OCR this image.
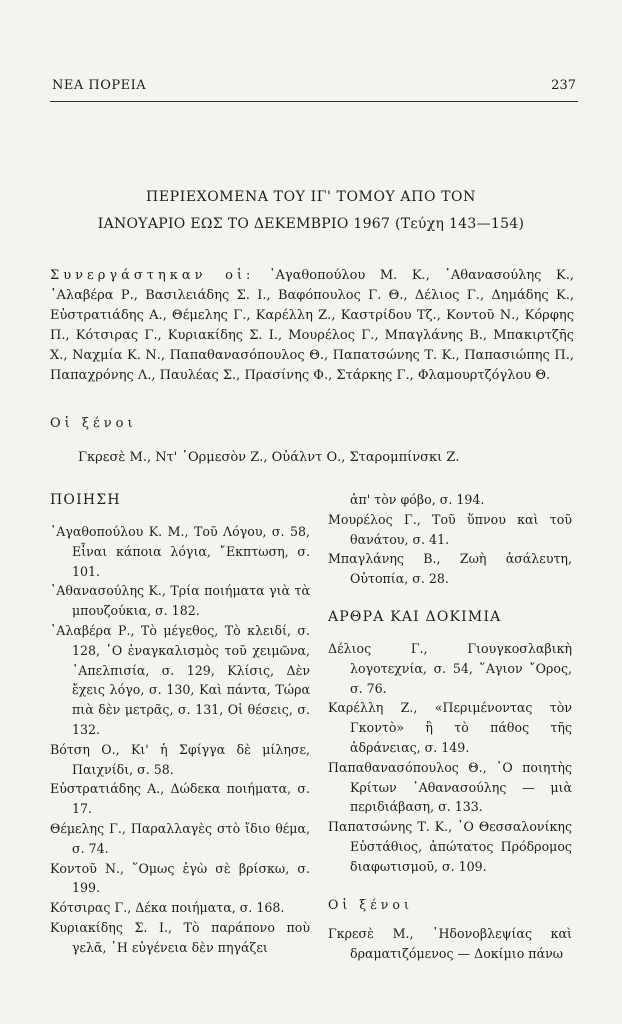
ΝΕΑ ΠΟΡΕΙΑ	237
ΠΕΡΙΕΧΟΜΕΝΑ ΤΟΥ ΙΓ' ΤΟΜΟΥ ΑΠΟ ΤΟΝ
ΙΑΝΟΥΑΡΙΟ ΕΩΣ ΤΟ ΔΕΚΕΜΒΡΙΟ 1967 (Τεύχη 143—154)
Συνεργάστηκαν οἱ: ᾿Αγαθοπούλου Μ. Κ., ᾿Αθανασούλης Κ., ᾿Αλαβέρα Ρ., Βασιλειάδης Σ. Ι., Βαφόπουλος Γ. Θ., Δέλιος Γ., Δημάδης Κ., Εὐστρατιάδης Α., Θέμελης Γ., Καρέλλη Ζ., Καστρίδου Τζ., Κοντοῦ Ν., Κόρφης Π., Κότσιρας Γ., Κυριακίδης Σ. Ι., Μουρέλος Γ., Μπαγλάνης Β., Μπακιρτζῆς Χ., Ναχμία Κ. Ν., Παπαθανασόπουλος Θ., Παπατσώνης Τ. Κ., Παπασιώπης Π., Παπαχρόνης Λ., Παυλέας Σ., Πρασίνης Φ., Στάρκης Γ., Φλαμουρτζόγλου Θ.
Οἱ ξένοι
Γκρεσὲ Μ., Ντ' ᾿Ορμεσὸν Ζ., Οὐάλντ Ο., Σταρομπίνσκι Ζ.
ΠΟΙΗΣΗ

᾿Αγαθοπούλου Κ. Μ., Τοῦ Λόγου, σ. 58, Εἶναι κάποια λόγια, ῎Εκπτωση, σ. 101.

᾿Αθανασούλης Κ., Τρία ποιήματα γιὰ τὰ μπουζούκια, σ. 182.

᾿Αλαβέρα Ρ., Τὸ μέγεθος, Τὸ κλειδί, σ. 128, ῾Ο ἐναγκαλισμὸς τοῦ χειμῶνα, ᾿Απελπισία, σ. 129, Κλίσις, Δὲν ἔχεις λόγο, σ. 130, Καὶ πάντα, Τώρα πιὰ δὲν μετρᾶς, σ. 131, Οἱ θέσεις, σ. 132.

Βότση Ο., Κι' ἡ Σφίγγα δὲ μίλησε, Παιχνίδι, σ. 58.

Εὐστρατιάδης Α., Δώδεκα ποιήματα, σ. 17.

Θέμελης Γ., Παραλλαγὲς στὸ ἴδιο θέμα, σ. 74.

Κοντοῦ Ν., ῞Ομως ἐγὼ σὲ βρίσκω, σ. 199.

Κότσιρας Γ., Δέκα ποιήματα, σ. 168.

Κυριακίδης Σ. Ι., Τὸ παράπονο ποὺ γελᾶ, ῾Η εὐγένεια δὲν πηγάζει

ἀπ' τὸν φόβο, σ. 194.

Μουρέλος Γ., Τοῦ ὕπνου καὶ τοῦ θανάτου, σ. 41.

Μπαγλάνης Β., Ζωὴ ἀσάλευτη, Οὐτοπία, σ. 28.

ΑΡΘΡΑ ΚΑΙ ΔΟΚΙΜΙΑ

Δέλιος Γ., Γιουγκοσλαβικὴ λογοτεχνία, σ. 54, ῞Αγιον ῎Ορος, σ. 76.

Καρέλλη Ζ., «Περιμένοντας τὸν Γκοντὸ» ἢ τὸ πάθος τῆς ἀδράνειας, σ. 149.

Παπαθανασόπουλος Θ., ῾Ο ποιητὴς Κρίτων ᾿Αθανασούλης — μιὰ περιδιάβαση, σ. 133.

Παπατσώνης Τ. Κ., ῾Ο Θεσσαλονίκης Εὐστάθιος, ἀπώτατος Πρόδρομος διαφωτισμοῦ, σ. 109.

Οἱ ξένοι

Γκρεσὲ Μ., ῾Ηδονοβλεψίας καὶ δραματιζόμενος — Δοκίμιο πάνω
